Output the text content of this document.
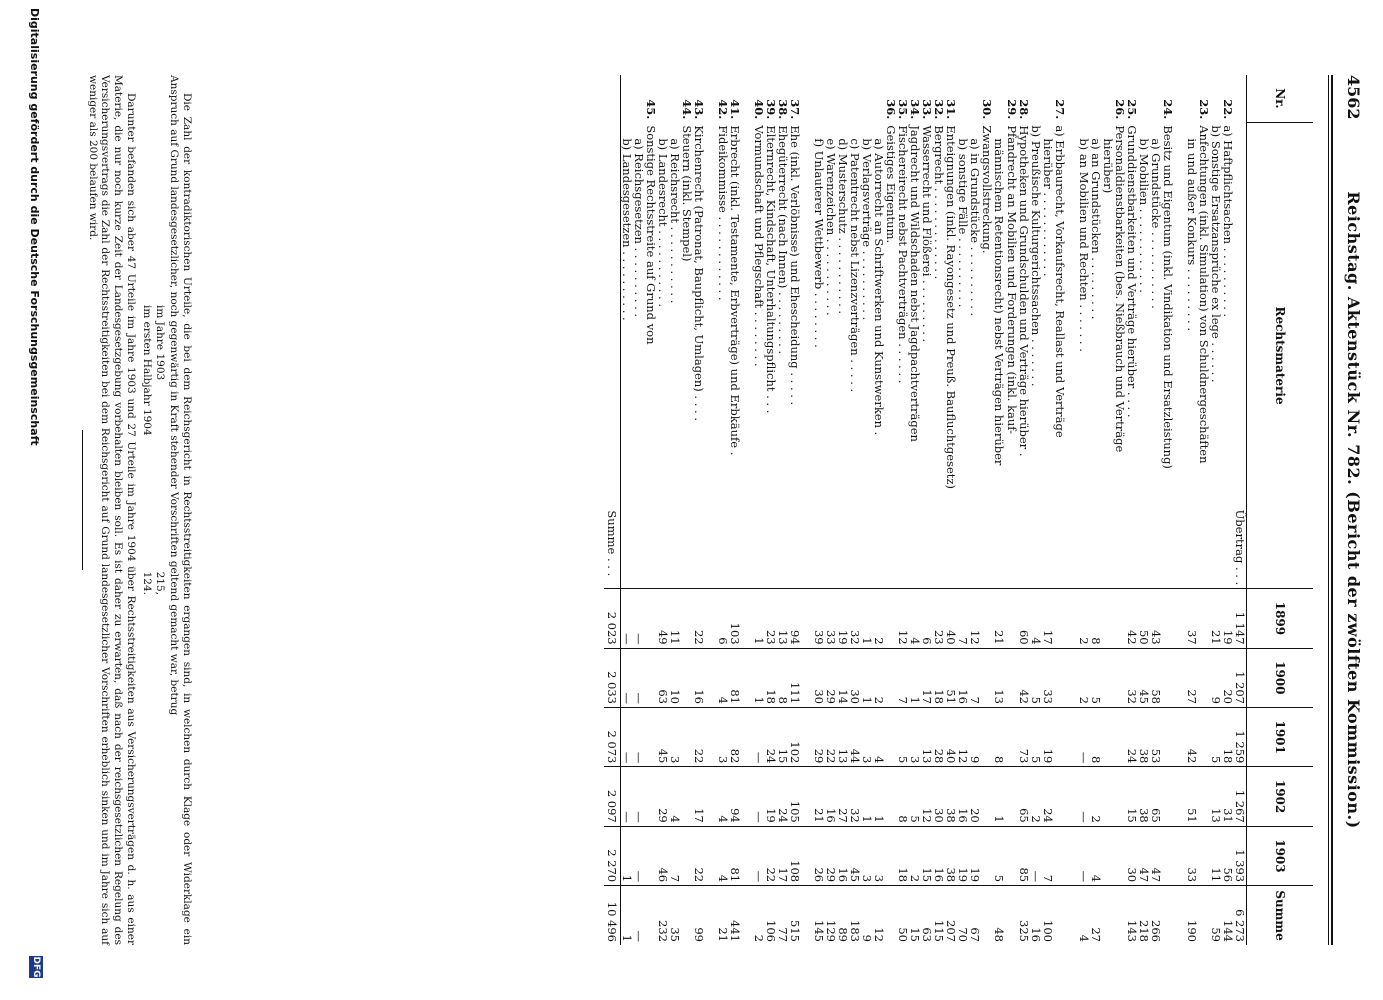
4562
Reichstag. Aktenstück Nr. 782. (Bericht der zwölften Kommission.)
Nr.	Rechtsmaterie	1899	1900	1901	1902	1903	Summe
	Übertrag . . .	1 147	1 207	1 259	1 267	1 393	6 273
22.	a) Haftpflichtsachen . . . . . . . . . .	19	20	18	31	56	144
	b) Sonstige Ersatzansprüche ex lege . . . . . .	21	9	5	13	11	59
23.	Anfechtungen (inkl. Simulation) von Schuldnergeschäften						
	in und außer Konkurs . . . . . . . . .	37	27	42	51	33	190

24.	Besitz und Eigentum (inkl. Vindikation und Ersatzleistung)						
	a) Grundstücke . . . . . . . . . . .	43	58	53	65	47	266
	b) Mobilien . . . . . . . . . . . .	50	45	38	38	47	218
25.	Grunddienstbarkeiten und Verträge hierüber . . . .	42	32	24	15	30	143
26.	Personaldienstbarkeiten (bes. Nießbrauch und Verträge						
	hierüber)						
	a) an Grundstücken . . . . . . . . .	8	5	8	2	4	27
	b) an Mobilien und Rechten . . . . . . .	2	2	—	—	—	4

27.	a) Erbbaurecht, Vorkaufsrecht, Reallast und Verträge						
	hierüber . . . . . . . . . . . .	17	33	19	24	7	100
	b) Preußische Kulturgerichtssachen . . . . . . .	4	5	5	2	—	16
28.	Hypotheken und Grundschulden und Verträge hierüber .	60	42	73	65	85	325
29.	Pfandrecht an Mobilien und Forderungen (inkl. kauf-						
	männischem Retentionsrecht) nebst Verträgen hierüber	21	13	8	1	5	48
30.	Zwangsvollstreckung.						
	a) in Grundstücke . . . . . . . . . .	12	7	9	20	19	67
	b) sonstige Fälle . . . . . . . . . .	7	16	12	16	19	70
31.	Enteignungen (inkl. Rayongesetz und Preuß. Baufluchtgesetz)	40	51	40	38	38	207
32.	Bergrecht . . . . . . . . . . . . .	23	18	28	30	16	115
33.	Wasserrecht und Flößerei . . . . . . . . .	6	17	13	12	15	63
34.	Jagdrecht und Wildschaden nebst Jagdpachtverträgen	4	1	3	5	2	15
35.	Fischereirecht nebst Pachtverträgen . . . . . .	12	7	5	8	18	50
36.	Geistiges Eigentum.						
	a) Autorrecht an Schriftwerken und Kunstwerken .	2	2	4	1	3	12
	b) Verlagsverträge . . . . . . . . . .	1	1	3	1	3	9
	c) Patentrecht nebst Lizenzverträgen . . . . .	32	30	44	32	45	183
	d) Musterschutz . . . . . . . . . . .	19	14	13	27	16	89
	e) Warenzeichen . . . . . . . . . . .	33	29	22	16	29	129
	f) Unlauterer Wettbewerb . . . . . . . .	39	30	29	21	26	145

37.	Ehe (inkl. Verlöbnisse) und Ehescheidung . . . . .	94	111	102	105	108	515
38.	Ehegüterrecht (nach Innen) . . . . . . . . .	13	8	15	24	17	77
39.	Elternrecht, Kindschaft, Unterhaltungspflicht . . .	23	18	24	19	22	106
40.	Vormundschaft und Pflegschaft . . . . . . . .	1	1	—	—	—	2

41.	Erbrecht (inkl. Testamente, Erbverträge) und Erbkäufe .	103	81	82	94	81	441
42.	Fideikommisse . . . . . . . . . . . .	6	4	3	4	4	21

43.	Kirchenrecht (Patronat, Baupflicht, Umlagen) . . . .	22	16	22	17	22	99
44.	Steuern (inkl. Stempel)						
	a) Reichsrecht . . . . . . . . . . .	11	10	3	4	7	35
	b) Landesrecht . . . . . . . . . . .	49	63	45	29	46	232
45.	Sonstige Rechtsstreite auf Grund von						
	a) Reichsgesetzen . . . . . . . . . .	—	—	—	—	—	—
	b) Landesgesetzen . . . . . . . . . .	—	—	—	—	1	1
	Summe . . .	2 023	2 033	2 073	2 097	2 270	10 496

Die Zahl der kontradiktorischen Urteile, die bei dem Reichsgericht in Rechtsstreitigkeiten ergangen sind, in welchen durch Klage oder Widerklage ein Anspruch auf Grund landesgesetzlicher, noch gegenwärtig in Kraft stehender Vorschriften geltend gemacht war, betrug

im Jahre 1903
215,
im ersten Halbjahr 1904
124.

Darunter befanden sich aber 47 Urteile im Jahre 1903 und 27 Urteile im Jahre 1904 über Rechtsstreitigkeiten aus Versicherungsverträgen d. h. aus einer Materie, die nur noch kurze Zeit der Landesgesetzgebung vorbehalten bleiben soll. Es ist daher zu erwarten, daß nach der reichsgesetzlichen Regelung des Versicherungsvertrags die Zahl der Rechtsstreitigkeiten bei dem Reichsgericht auf Grund landesgesetzlicher Vorschriften erheblich sinken und im Jahre sich auf weniger als 200 belaufen wird.

Digitalisierung gefördert durch die Deutsche Forschungsgemeinschaft
DFG
